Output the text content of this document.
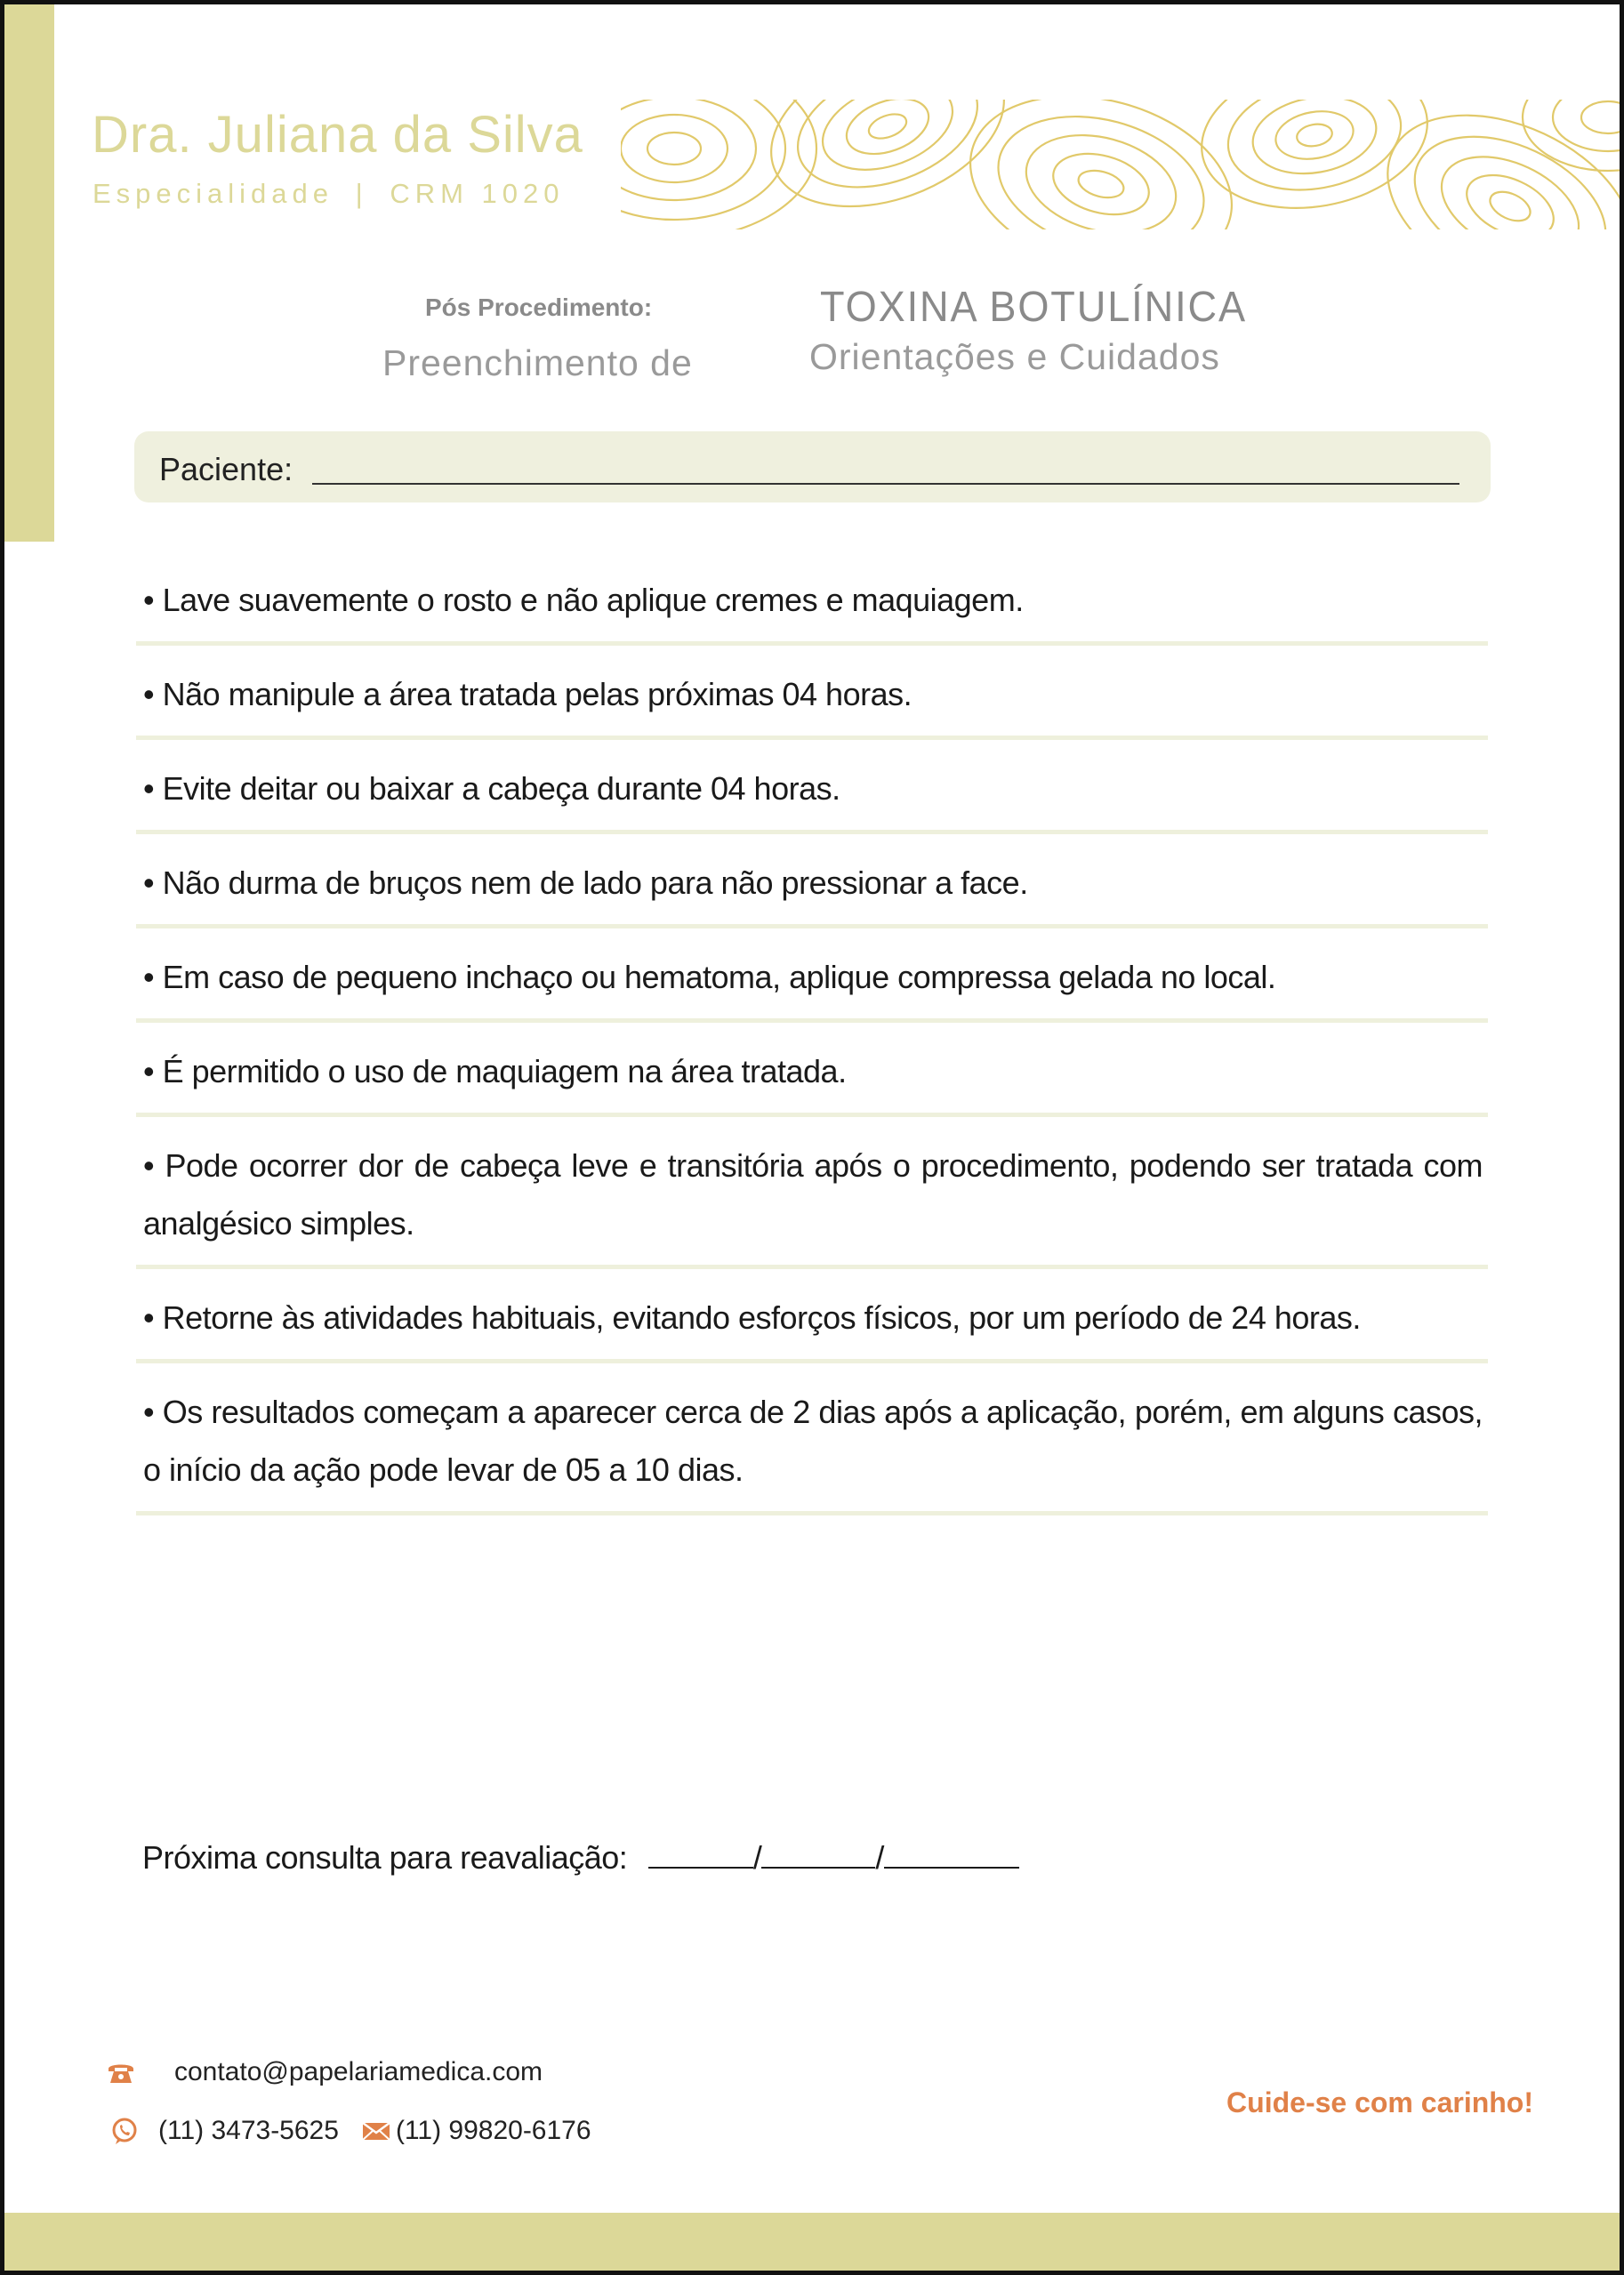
Dra. Juliana da Silva
Especialidade | CRM 1020
Pós Procedimento:
Preenchimento de
TOXINA BOTULÍNICA
Orientações e Cuidados
Paciente:
• Lave suavemente o rosto e não aplique cremes e maquiagem.
• Não manipule a área tratada pelas próximas 04 horas.
• Evite deitar ou baixar a cabeça durante 04 horas.
• Não durma de bruços nem de lado para não pressionar a face.
• Em caso de pequeno inchaço ou hematoma, aplique compressa gelada no local.
• É permitido o uso de maquiagem na área tratada.
• Pode ocorrer dor de cabeça leve e transitória após o procedimento, podendo ser tratada com analgésico simples.
• Retorne às atividades habituais, evitando esforços físicos, por um período de 24 horas.
• Os resultados começam a aparecer cerca de 2 dias após a aplicação, porém, em alguns casos, o início da ação pode levar de 05 a 10 dias.
Próxima consulta para reavaliação:	/	/
contato@papelariamedica.com
(11) 3473-5625 (11) 99820-6176
Cuide-se com carinho!
